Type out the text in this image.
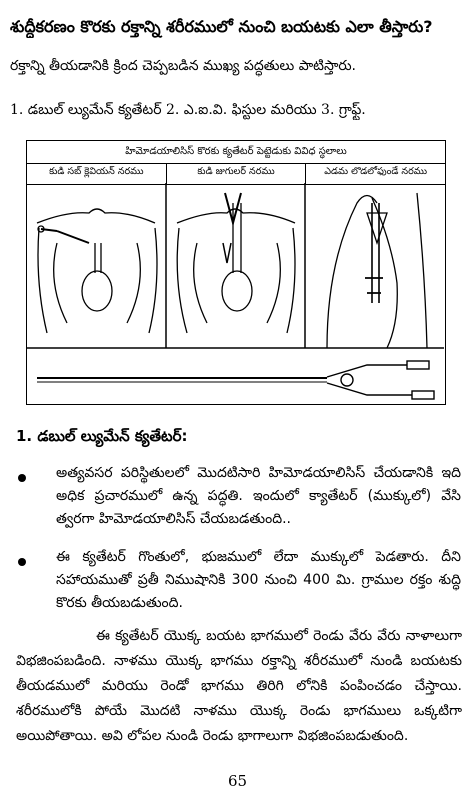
శుద్దీకరణం కొరకు రక్తాన్ని శరీరములో నుంచి బయటకు ఎలా తీస్తారు?
రక్తాన్ని తీయడానికి క్రింద చెప్పబడిన ముఖ్య పద్ధతులు పాటిస్తారు.
1. డబుల్ ల్యుమేన్ క్యతేటర్ 2. ఎ.ఐ.వి. ఫిస్టుల మరియు 3. గ్రాఫ్ట్.
హిమోడయాలిసిస్ కొరకు క్యతేటర్ పెట్టెడుకు వివిధ స్ధలాలు
కుడి సబ్ క్లెవియన్ నరము	కుడి జుగులర్ నరము	ఎడమ లొడలోఫుండే నరము
1. డబుల్ ల్యుమేన్ క్యతేటర్:
అత్యవసర పరిస్థితులలో మొదటిసారి హిమోడయాలిసిస్ చేయడానికి ఇది అధిక ప్రచారములో ఉన్న పద్ధతి. ఇందులో క్యాతేటర్ (ముక్కులో) వేసి త్వరగా హిమోడయాలిసిస్ చేయబడతుంది..
ఈ క్యతేటర్ గొంతులో, భుజములో లేదా ముక్కులో పెడతారు. దీని సహాయముతో ప్రతీ నిముషానికి 300 నుంచి 400 మి. గ్రాముల రక్తం శుద్ధి కొరకు తీయబడుతుంది.
ఈ క్యతేటర్ యొక్క బయట భాగములో రెండు వేరు వేరు నాళాలుగా విభజింపబడింది. నాళము యొక్క భాగము రక్తాన్ని శరీరములో నుండి బయటకు తీయడములో మరియు రెండో భాగము తిరిగి లోనికి పంపించడం చేస్తాయి. శరీరములోకి పోయే మొదటి నాళము యొక్క రెండు భాగములు ఒక్కటిగా అయిపోతాయి. అవి లోపల నుండి రెండు భాగాలుగా విభజింపబడుతుంది.
65
